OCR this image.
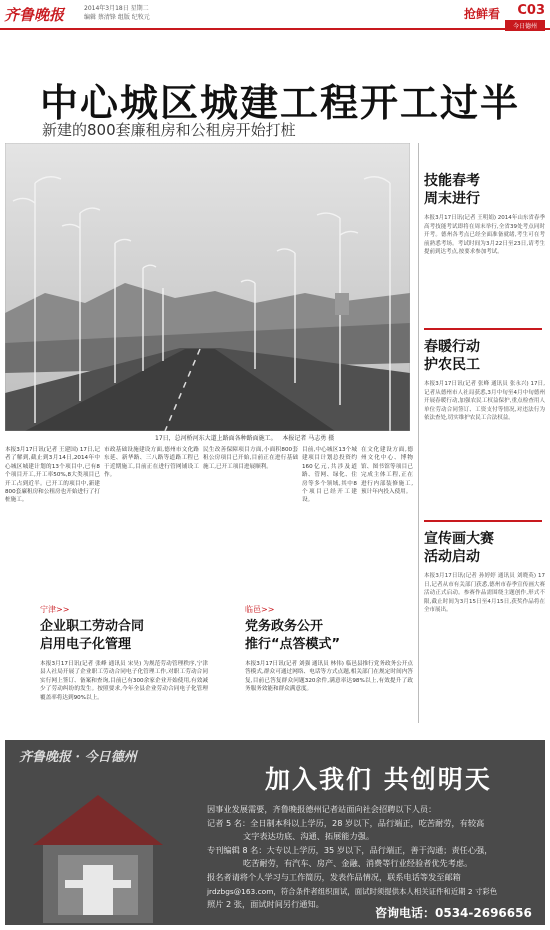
齐鲁晚报	2014年3月18日 星期二
编辑 蔡清锋 组版 纪牧元	抢鲜看 C03
今日德州
中心城区城建工程开工过半
新建的800套廉租房和公租房开始打桩
17日，总河桥河东大道上路面各种路面施工。 本报记者 马志勇 摄
本报3月17日讯(记者 王建国) 17日,记者了解到,截止到3月14日,2014年中心城区城建计划的13个项目中,已有8个项目开工,开工率50%,8大类项目已开工占到近半。已开工的项目中,新建800套廉租房和公租房也开始进行了打桩施工。
市政基础设施建设方面,德州市文化路东延、新华路、三八路等道路工程已于近期施工,目前正在进行管网铺设工作。
民生改善保障项目方面,小面积800套租公房项目已开始,目前正在进行基础施工,已开工项目进展顺利。
目前,中心城区13个城建项目计划总投资约160亿元,共涉及道路、管网、绿化、住房等多个领域,其中8个项目已经开工建设。
在文化建设方面,德州文化中心、博物馆、图书馆等项目已完成主体工程,正在进行内部装修施工,预计年内投入使用。
技能春考
周末进行
本报3月17日讯(记者 王明娟) 2014年山东省春季高考技能考试即将在周末举行,全省39处考点同时开考。德州各考点已经全面准备就绪,考生可在考前熟悉考场。考试时间为3月22日至23日,请考生提前到达考点,按要求参加考试。
春暖行动
护农民工
本报3月17日讯(记者 张峰 通讯员 张永兴) 17日,记者从德州市人社局获悉,3月中旬至4月中旬德州开展春暖行动,加强农民工权益保护,重点检查用人单位劳动合同签订、工资支付等情况,对违法行为依法查处,切实维护农民工合法权益。
宣传画大赛
活动启动
本报3月17日讯(记者 孙婷婷 通讯员 刘晓英) 17日,记者从市有关部门获悉,德州市春季宣传画大赛活动正式启动。参赛作品需围绕主题创作,形式不限,截止时间为3月15日至4月15日,获奖作品将在全市展出。
宁津>>
企业职工劳动合同
启用电子化管理
本报3月17日讯(记者 张峰 通讯员 宋昊) 为规范劳动管理秩序,宁津县人社局开展了企业职工劳动合同电子化管理工作,对职工劳动合同实行网上签订、备案和查询,目前已有300余家企业开始使用,有效减少了劳动纠纷的发生。按照要求,今年全县企业劳动合同电子化管理覆盖率将达到90%以上。
临邑>>
党务政务公开
推行“点答模式”
本报3月17日讯(记者 刘强 通讯员 林伟) 临邑县推行党务政务公开点答模式,群众可通过网络、电话等方式点题,相关部门在规定时间内答复,目前已答复群众问题320余件,满意率达98%以上,有效提升了政务服务效能和群众满意度。
齐鲁晚报 · 今日德州
加入我们 共创明天
因事业发展需要，齐鲁晚报德州记者站面向社会招聘以下人员：
记者 5 名：全日制本科以上学历，28 岁以下，品行端正，吃苦耐劳，有较高
文字表达功底、沟通、拓展能力强。
专刊编辑 8 名：大专以上学历，35 岁以下，品行端正，善于沟通；责任心强，
吃苦耐劳，有汽车、房产、金融、消费等行业经验者优先考虑。
报名者请将个人学习与工作简历，发表作品情况，联系电话等发至邮箱
jrdzbgs@163.com，符合条件者组织面试，面试时须提供本人相关证件和近期 2 寸彩色
照片 2 张，面试时间另行通知。
咨询电话：0534-2696656
